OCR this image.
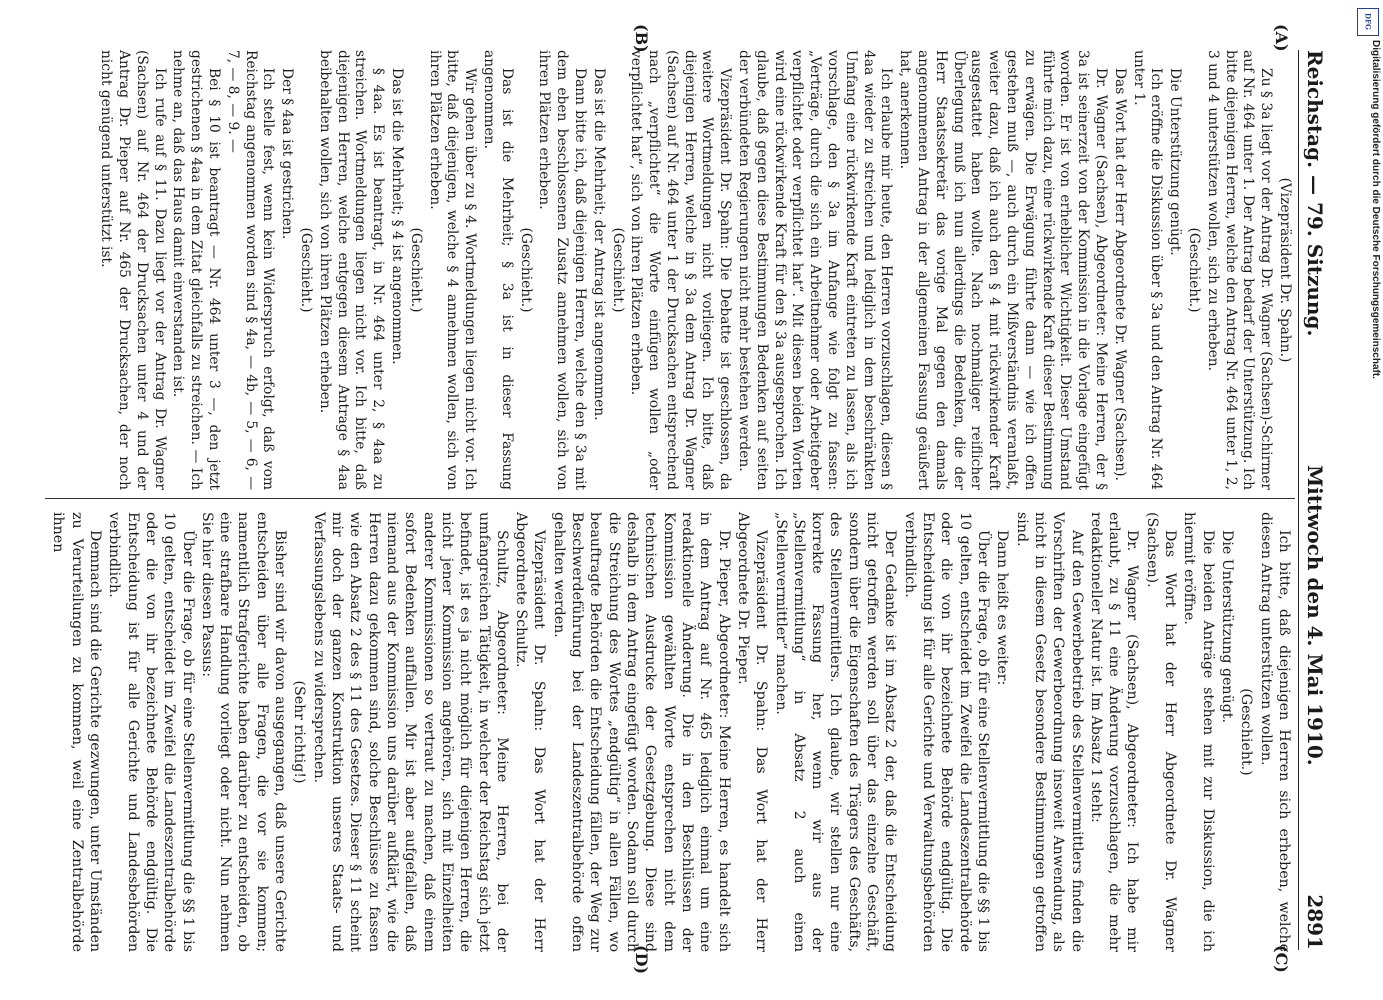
Reichstag. — 79. Sitzung.
Mittwoch den 4. Mai 1910.
2891
(A)
(B)
(C)
(D)

(Vizepräsident Dr. Spahn.)

Zu § 3a liegt vor der Antrag Dr. Wagner (Sachsen)-Schirmer auf Nr. 464 unter 1. Der Antrag bedarf der Unterstützung. Ich bitte diejenigen Herren, welche den Antrag Nr. 464 unter 1, 2, 3 und 4 unterstützen wollen, sich zu erheben.

(Geschieht.)

Die Unterstützung genügt.

Ich eröffne die Diskussion über § 3a und den Antrag Nr. 464 unter 1.

Das Wort hat der Herr Abgeordnete Dr. Wagner (Sachsen).

Dr. Wagner (Sachsen), Abgeordneter: Meine Herren, der § 3a ist seinerzeit von der Kommission in die Vorlage eingefügt worden. Er ist von erheblicher Wichtigkeit. Dieser Umstand führte mich dazu, eine rückwirkende Kraft dieser Bestimmung zu erwägen. Die Erwägung führte dann — wie ich offen gestehen muß —, auch durch ein Mißverständnis veranlaßt, weiter dazu, daß ich auch den § 4 mit rückwirkender Kraft ausgestattet haben wollte. Nach nochmaliger reiflicher Überlegung muß ich nun allerdings die Bedenken, die der Herr Staatssekretär das vorige Mal gegen den damals angenommenen Antrag in der allgemeinen Fassung geäußert hat, anerkennen.

Ich erlaube mir heute, den Herren vorzuschlagen, diesen § 4aa wieder zu streichen und lediglich in dem beschränkten Umfang eine rückwirkende Kraft eintreten zu lassen, als ich vorschlage, den § 3a im Anfange wie folgt zu fassen: „Verträge, durch die sich ein Arbeitnehmer oder Arbeitgeber verpflichtet oder verpflichtet hat“. Mit diesen beiden Worten wird eine rückwirkende Kraft für den § 3a ausgesprochen. Ich glaube, daß gegen diese Bestimmungen Bedenken auf seiten der verbündeten Regierungen nicht mehr bestehen werden.

Vizepräsident Dr. Spahn: Die Debatte ist geschlossen, da weitere Wortmeldungen nicht vorliegen. Ich bitte, daß diejenigen Herren, welche in § 3a dem Antrag Dr. Wagner (Sachsen) auf Nr. 464 unter 1 der Drucksachen entsprechend nach „verpflichtet“ die Worte einfügen wollen „oder verpflichtet hat“, sich von ihren Plätzen erheben.

(Geschieht.)

Das ist die Mehrheit; der Antrag ist angenommen.

Dann bitte ich, daß diejenigen Herren, welche den § 3a mit dem eben beschlossenen Zusatz annehmen wollen, sich von ihren Plätzen erheben.

(Geschieht.)

Das ist die Mehrheit; § 3a ist in dieser Fassung angenommen.

Wir gehen über zu § 4. Wortmeldungen liegen nicht vor. Ich bitte, daß diejenigen, welche § 4 annehmen wollen, sich von ihren Plätzen erheben.

(Geschieht.)

Das ist die Mehrheit; § 4 ist angenommen.

§ 4aa. Es ist beantragt, in Nr. 464 unter 2, § 4aa zu streichen. Wortmeldungen liegen nicht vor. Ich bitte, daß diejenigen Herren, welche entgegen diesem Antrage § 4aa beibehalten wollen, sich von ihren Plätzen erheben.

(Geschieht.)

Der § 4aa ist gestrichen.

Ich stelle fest, wenn kein Widerspruch erfolgt, daß vom Reichstag angenommen worden sind § 4a, — 4b, — 5, — 6, — 7, — 8, — 9. —

Bei § 10 ist beantragt — Nr. 464 unter 3 —, den jetzt gestrichenen § 4aa in dem Zitat gleichfalls zu streichen. — Ich nehme an, daß das Haus damit einverstanden ist.

Ich rufe auf § 11. Dazu liegt vor der Antrag Dr. Wagner (Sachsen) auf Nr. 464 der Drucksachen unter 4 und der Antrag Dr. Pieper auf Nr. 465 der Drucksachen, der noch nicht genügend unterstützt ist.

Ich bitte, daß diejenigen Herren sich erheben, welche diesen Antrag unterstützen wollen.

(Geschieht.)

Die Unterstützung genügt.

Die beiden Anträge stehen mit zur Diskussion, die ich hiermit eröffne.

Das Wort hat der Herr Abgeordnete Dr. Wagner (Sachsen).

Dr. Wagner (Sachsen), Abgeordneter: Ich habe mir erlaubt, zu § 11 eine Änderung vorzuschlagen, die mehr redaktioneller Natur ist. Im Absatz 1 steht:

Auf den Gewerbebetrieb des Stellenvermittlers finden die Vorschriften der Gewerbeordnung insoweit Anwendung, als nicht in diesem Gesetz besondere Bestimmungen getroffen sind.

Dann heißt es weiter:

Über die Frage, ob für eine Stellenvermittlung die §§ 1 bis 10 gelten, entscheidet im Zweifel die Landeszentralbehörde oder die von ihr bezeichnete Behörde endgültig. Die Entscheidung ist für alle Gerichte und Verwaltungsbehörden verbindlich.

Der Gedanke ist im Absatz 2 der, daß die Entscheidung nicht getroffen werden soll über das einzelne Geschäft, sondern über die Eigenschaften des Trägers des Geschäfts, des Stellenvermittlers. Ich glaube, wir stellen nur eine korrekte Fassung her, wenn wir aus der „Stellenvermittlung“ in Absatz 2 auch einen „Stellenvermittler“ machen.

Vizepräsident Dr. Spahn: Das Wort hat der Herr Abgeordnete Dr. Pieper.

Dr. Pieper, Abgeordneter: Meine Herren, es handelt sich in dem Antrag auf Nr. 465 lediglich einmal um eine redaktionelle Änderung. Die in den Beschlüssen der Kommission gewählten Worte entsprechen nicht dem technischen Ausdrucke der Gesetzgebung. Diese sind deshalb in dem Antrag eingefügt worden. Sodann soll durch die Streichung des Wortes „endgültig“ in allen Fällen, wo beauftragte Behörden die Entscheidung fällen, der Weg zur Beschwerdeführung bei der Landeszentralbehörde offen gehalten werden.

Vizepräsident Dr. Spahn: Das Wort hat der Herr Abgeordnete Schultz.

Schultz, Abgeordneter: Meine Herren, bei der umfangreichen Tätigkeit, in welcher der Reichstag sich jetzt befindet, ist es ja nicht möglich für diejenigen Herren, die nicht jener Kommission angehören, sich mit Einzelheiten anderer Kommissionen so vertraut zu machen, daß einem sofort Bedenken auffallen. Mir ist aber aufgefallen, daß niemand aus der Kommission uns darüber aufklärt, wie die Herren dazu gekommen sind, solche Beschlüsse zu fassen wie den Absatz 2 des § 11 des Gesetzes. Dieser § 11 scheint mir doch der ganzen Konstruktion unseres Staats- und Verfassungslebens zu widersprechen.

(Sehr richtig!)

Bisher sind wir davon ausgegangen, daß unsere Gerichte entscheiden über alle Fragen, die vor sie kommen; namentlich Strafgerichte haben darüber zu entscheiden, ob eine strafbare Handlung vorliegt oder nicht. Nun nehmen Sie hier diesen Passus:

Über die Frage, ob für eine Stellenvermittlung die §§ 1 bis 10 gelten, entscheidet im Zweifel die Landeszentralbehörde oder die von ihr bezeichnete Behörde endgültig. Die Entscheidung ist für alle Gerichte und Landesbehörden verbindlich.

Demnach sind die Gerichte gezwungen, unter Umständen zu Verurteilungen zu kommen, weil eine Zentralbehörde ihnen

DFG
Digitalisierung gefördert durch die Deutsche Forschungsgemeinschaft.
